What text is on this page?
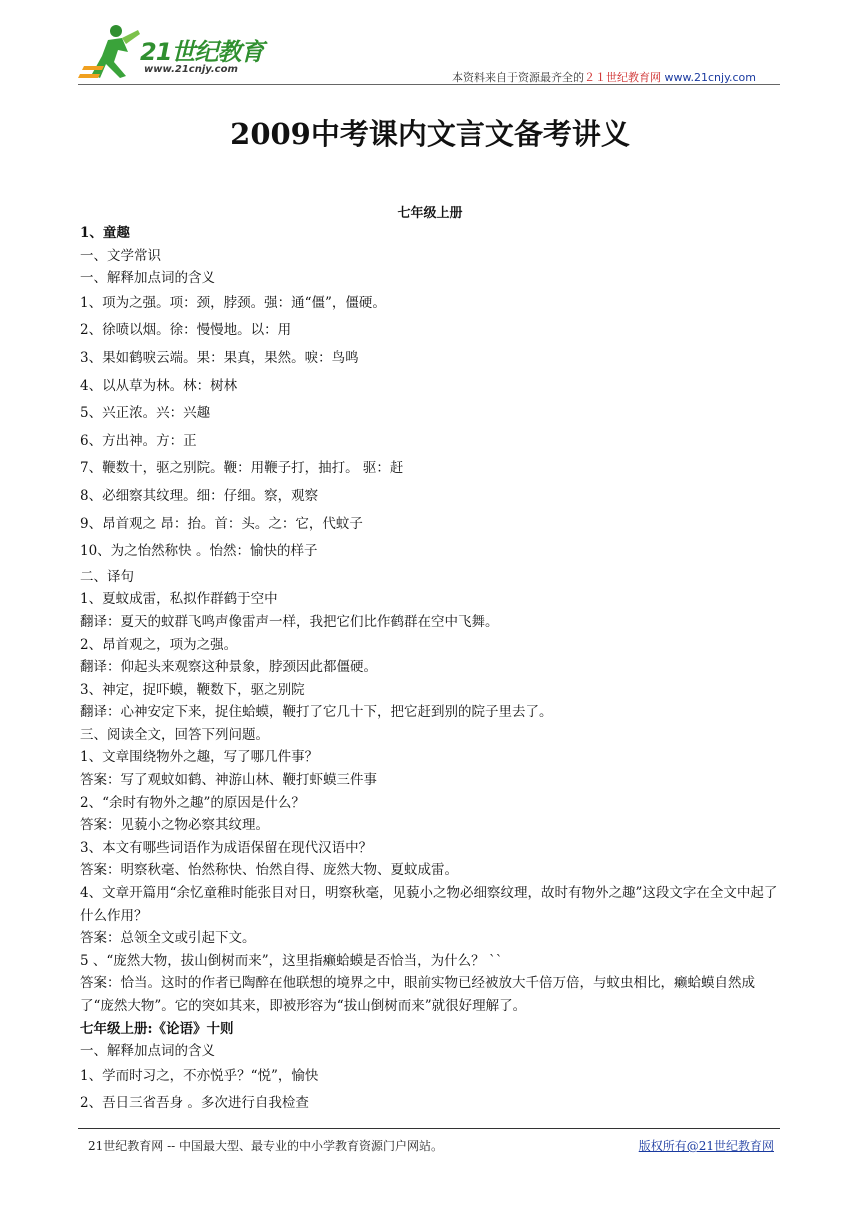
21世纪教育
www.21cnjy.com
本资料来自于资源最齐全的２１世纪教育网 www.21cnjy.com
2009中考课内文言文备考讲义
七年级上册
1、童趣
一、文学常识
一、解释加点词的含义
1、项为之强。项：颈，脖颈。强：通“僵”，僵硬。
2、徐喷以烟。徐：慢慢地。以：用
3、果如鹤唳云端。果：果真，果然。唳：鸟鸣
4、以从草为林。林：树林
5、兴正浓。兴：兴趣
6、方出神。方：正
7、鞭数十，驱之别院。鞭：用鞭子打，抽打。 驱：赶
8、必细察其纹理。细：仔细。察，观察
9、昂首观之 昂：抬。首：头。之：它，代蚊子
10、为之怡然称快 。怡然：愉快的样子
二、译句
1、夏蚊成雷，私拟作群鹤于空中
翻译：夏天的蚊群飞鸣声像雷声一样，我把它们比作鹤群在空中飞舞。
2、昂首观之，项为之强。
翻译：仰起头来观察这种景象，脖颈因此都僵硬。
3、神定，捉吓蟆，鞭数下，驱之别院
翻译：心神安定下来，捉住蛤蟆，鞭打了它几十下，把它赶到别的院子里去了。
三、阅读全文，回答下列问题。
1、文章围绕物外之趣，写了哪几件事？
答案：写了观蚊如鹤、神游山林、鞭打虾蟆三件事
2、“余时有物外之趣”的原因是什么？
答案：见藐小之物必察其纹理。
3、本文有哪些词语作为成语保留在现代汉语中？
答案：明察秋毫、怡然称快、怡然自得、庞然大物、夏蚊成雷。
4、文章开篇用“余忆童稚时能张目对日，明察秋毫，见藐小之物必细察纹理，故时有物外之趣”这段文字在全文中起了什么作用？
答案：总领全文或引起下文。
5 、“庞然大物，拔山倒树而来”，这里指癞蛤蟆是否恰当，为什么？ ``
答案：恰当。这时的作者已陶醉在他联想的境界之中，眼前实物已经被放大千倍万倍，与蚊虫相比，癞蛤蟆自然成了“庞然大物”。它的突如其来，即被形容为“拔山倒树而来”就很好理解了。
七年级上册:《论语》十则
一、解释加点词的含义
1、学而时习之，不亦悦乎？“悦”，愉快
2、吾日三省吾身 。多次进行自我检查
21世纪教育网 -- 中国最大型、最专业的中小学教育资源门户网站。	版权所有@21世纪教育网
